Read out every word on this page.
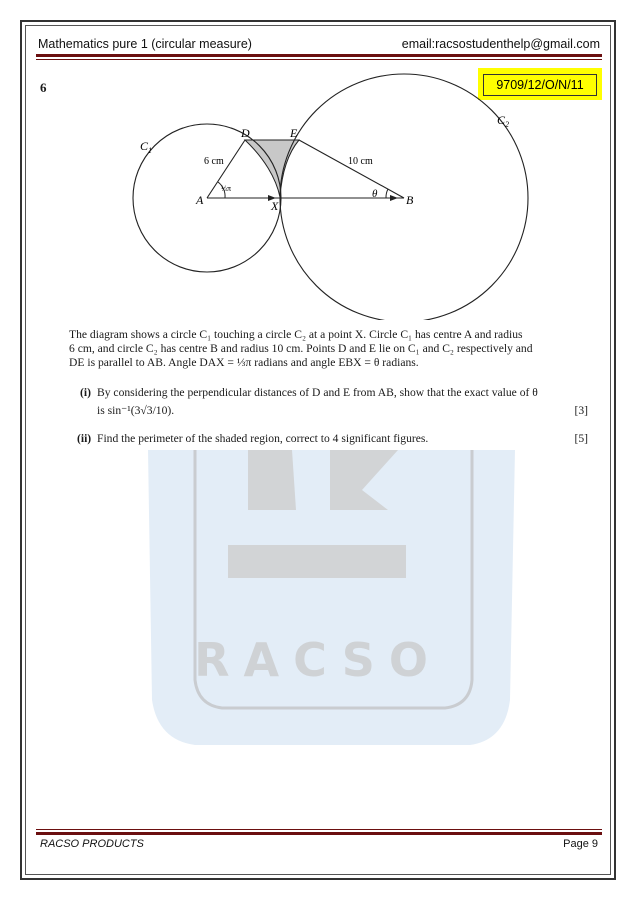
Mathematics pure 1 (circular measure)	email:racsostudenthelp@gmail.com
RACSO
6	9709/12/O/N/11
$C_1$
$C_2$
D	E
A	B
X
6 cm	10 cm
⅓π	θ
The diagram shows a circle C₁ touching a circle C₂ at a point X. Circle C₁ has centre A and radius
6 cm, and circle C₂ has centre B and radius 10 cm. Points D and E lie on C₁ and C₂ respectively and
DE is parallel to AB. Angle DAX = ⅓π radians and angle EBX = θ radians.
(i) By considering the perpendicular distances of D and E from AB, show that the exact value of θ
is sin⁻¹(3√3/10).	[3]
(ii) Find the perimeter of the shaded region, correct to 4 significant figures.	[5]
RACSO PRODUCTS	Page 9
